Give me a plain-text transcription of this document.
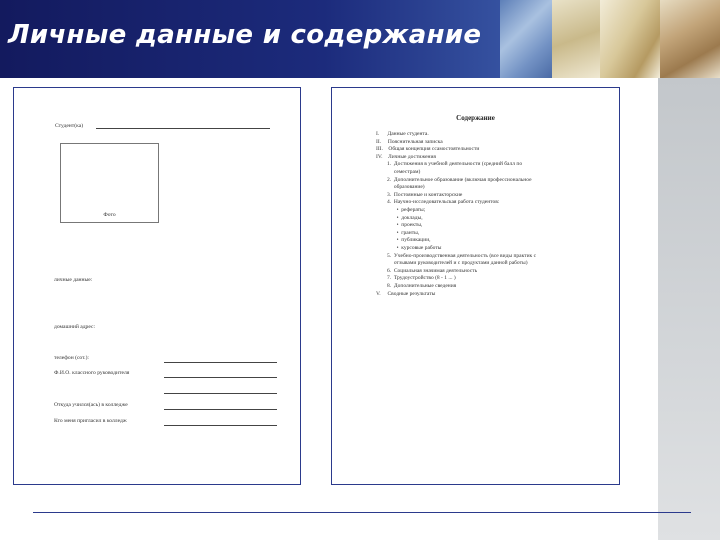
Личные данные и содержание
Студент(ка)
Фото
личные данные:
домашний адрес:
телефон (сот.):
Ф.И.О. классного руководителя
Откуда учился(ась) в колледже
Кто меня пригласил в колледж
Содержание
I.      Данные студента.
II.     Пояснительная записка
III.    Общая концепция ссамостоятельности
IV.    Личные достижения
1.  Достижения в учебной деятельности (средний балл по
семестрам)
2.  Дополнительное образование (включая профессиональное
образование)
3.  Постоянные и контакторские
4.  Научно-исследовательская работа студентов:
•  рефераты;
•  доклады,
•  проекты,
•  гранты,
•  публикации,
•  курсовые работы
5.  Учебно-производственная деятельность (все виды практик с
отзывами руководителей и с продуктами данной работы)
6.  Социальная значимая деятельность
7.  Трудоустройство (8 - 1 ... )
8.  Дополнительные сведения
V.     Сводные результаты
